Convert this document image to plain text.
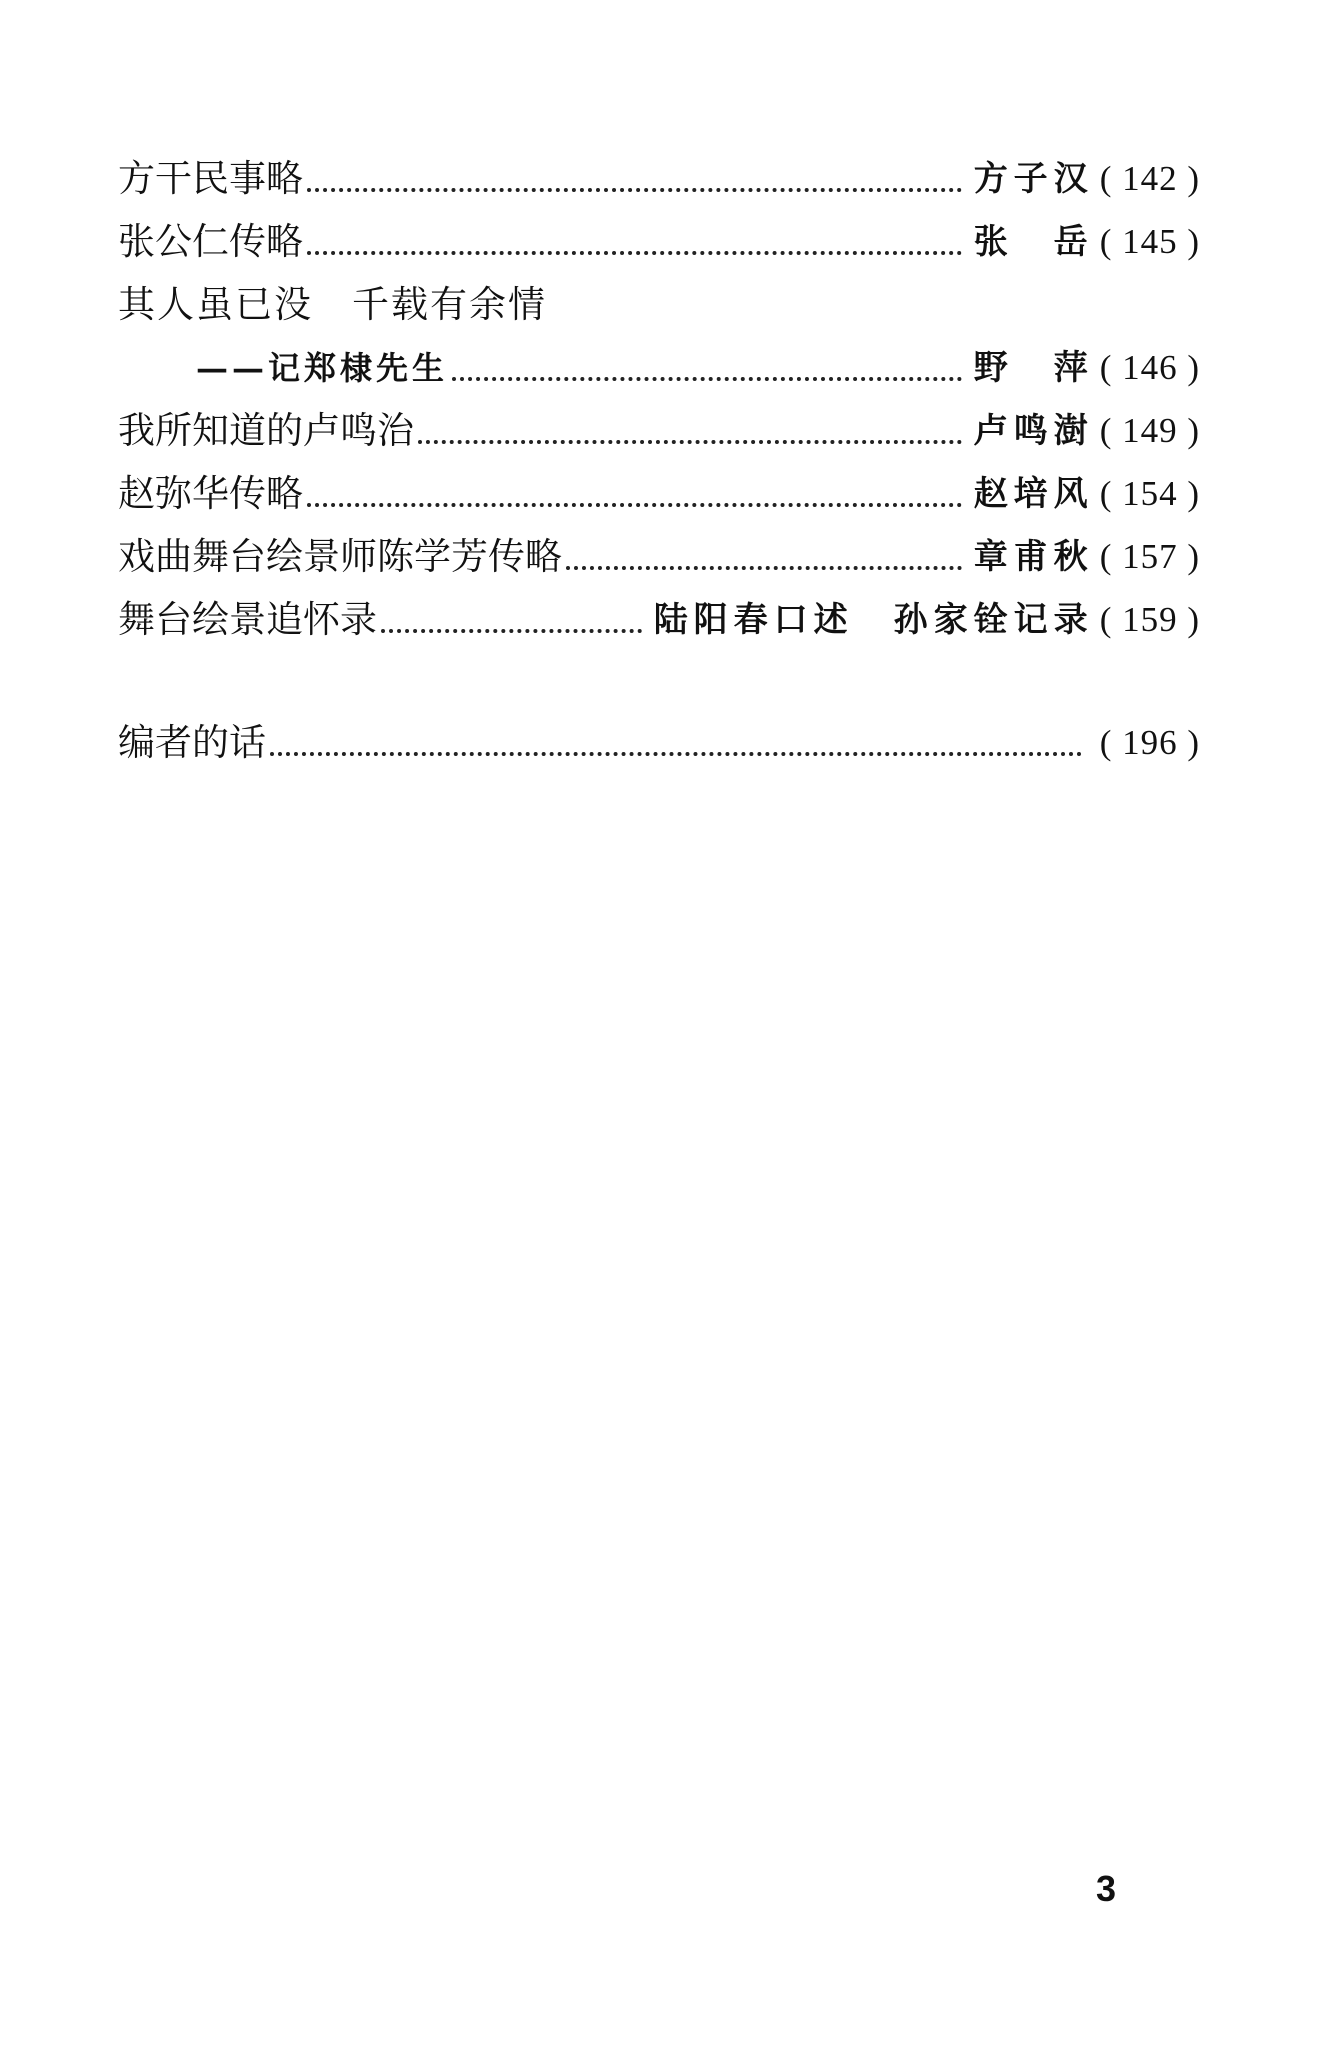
方干民事略	方子汉 ( 142 )
张公仁传略	张　岳 ( 145 )
其人虽已没　千载有余情
——记郑棣先生	野　萍 ( 146 )
我所知道的卢鸣治	卢鸣澍 ( 149 )
赵弥华传略	赵培风 ( 154 )
戏曲舞台绘景师陈学芳传略	章甫秋 ( 157 )
舞台绘景追怀录	陆阳春口述　孙家铨记录 ( 159 )
编者的话	( 196 )
3
